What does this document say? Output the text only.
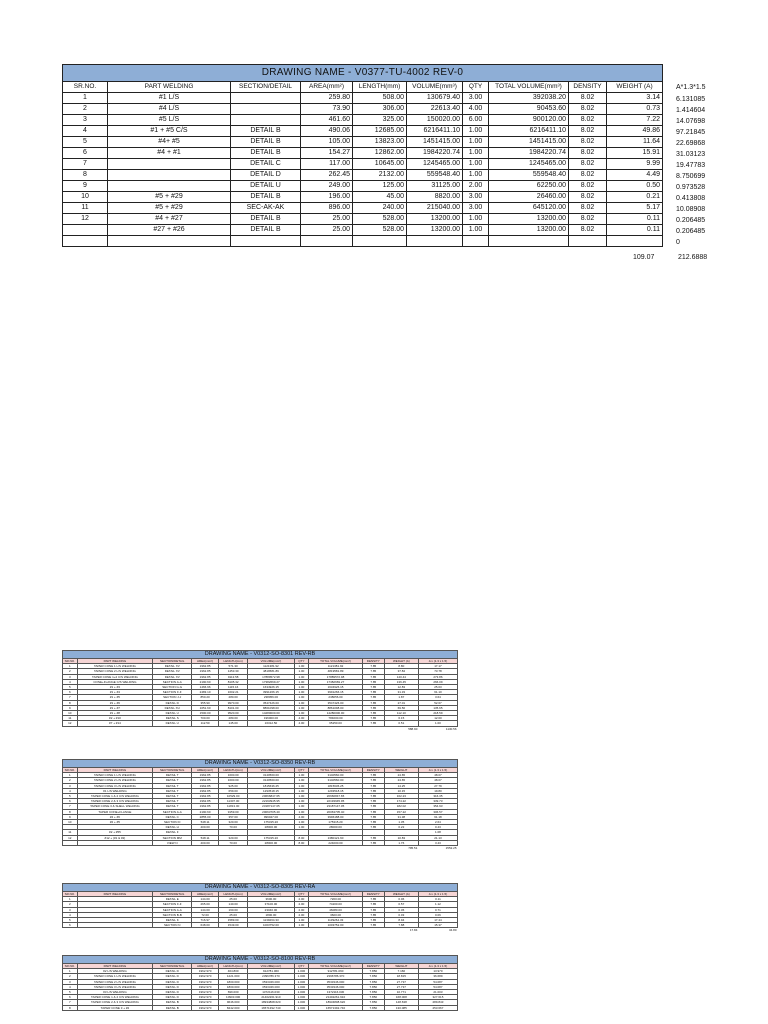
DRAWING NAME - V0377-TU-4002 REV-0									
SR.NO.	PART WELDING	SECTION/DETAIL	AREA(mm²)	LENGTH(mm)	VOLUME(mm³)	QTY	TOTAL VOLUME(mm³)	DENSITY	WEIGHT (A)
1	#1 L/S		259.80	508.00	130679.40	3.00	392038.20	8.02	3.14
2	#4 L/S		73.90	306.00	22613.40	4.00	90453.60	8.02	0.73
3	#5 L/S		461.60	325.00	150020.00	6.00	900120.00	8.02	7.22
4	#1 + #5 C/S	DETAIL B	490.06	12685.00	6216411.10	1.00	6216411.10	8.02	49.86
5	#4+ #5	DETAIL B	105.00	13823.00	1451415.00	1.00	1451415.00	8.02	11.64
6	#4 + #1	DETAIL B	154.27	12862.00	1984220.74	1.00	1984220.74	8.02	15.91
7		DETAIL C	117.00	10645.00	1245465.00	1.00	1245465.00	8.02	9.99
8		DETAIL D	262.45	2132.00	559548.40	1.00	559548.40	8.02	4.49
9		DETAIL U	249.00	125.00	31125.00	2.00	62250.00	8.02	0.50
10	#5 + #29	DETAIL B	196.00	45.00	8820.00	3.00	26460.00	8.02	0.21
11	#5 + #29	SEC-AK-AK	896.00	240.00	215040.00	3.00	645120.00	8.02	5.17
12	#4 + #27	DETAIL B	25.00	528.00	13200.00	1.00	13200.00	8.02	0.11
	#27 + #26	DETAIL B	25.00	528.00	13200.00	1.00	13200.00	8.02	0.11

A*1.3*1.5
6.131085
1.414604
14.07698
97.21845
22.69868
31.03123
19.47783
8.750699
0.973528
0.413808
10.08908
0.206485
0.206485
0
109.07	212.6888
DRAWING NAME - V0312-SO-8301 REV-RB										
SR.NO.	PART WELDING	SECTION/DETAIL	AREA(mm²)	LENGTH(mm)	VOLUME(mm³)	QTY	TOTAL VOLUME(mm³)	DENSITY	WEIGHT (A)	A x (1.3 x 1.5)
1	TAPER CONE 1 L/S WELDING	DETAIL XV	1962.85	571.30	1121381.92	1.00	1121381.92	7.85	8.80	17.17
2	TAPER CONE 2 L/S WELDING	DETAIL XV	1962.85	1453.30	4819581.89	1.00	4819581.89	7.85	37.84	73.78
3	TAPER CONE 1+2 C/S WELDING	DETAIL XV	1962.85	9113.58	17889572.98	1.00	17889572.98	7.85	140.44	273.86
4	CONE+FLANGE C/S WELDING	SECTION A-A	2190.60	8105.32	17382669.27	1.00	17382669.27	7.85	136.45	266.09
5	#1 + #3	SECTION G-G	1466.96	1115.16	1634926.15	1.00	1634926.15	7.85	12.83	25.03
6	#1 + #4	SECTION F-F	2483.10	1602.21	3991266.15	1.00	3991266.15	7.85	31.33	61.10
7	#1 + #5	SECTION J-J	850.20	280.00	238056.00	1.00	238056.00	7.85	1.87	3.64
8	#1 + #6	DETAIL D	355.90	9970.00	3547426.00	1.00	3547426.00	7.85	27.01	52.67
9	#1 + #7	DETAIL XU	1051.60	8101.00	8861098.00	1.00	8861098.00	7.85	69.56	135.65
10	#1 + #8	DETAIL U	1500.00	9520.00	14280000.00	1.00	14280000.00	7.85	112.10	218.59
11	#2 + #10	DETAIL S	700.00	280.00	196000.00	4.00	784000.00	7.85	6.15	12.00
12	#7 + #14	DETAIL U	112.50	145.00	16312.50	4.00	65250.00	7.85	0.51	1.00
									588.90	1130.56
DRAWING NAME - V0312-SO-8350 REV-RB										
SR.NO.	PART WELDING	SECTION/DETAIL	AREA(mm²)	LENGTH(mm)	VOLUME(mm³)	QTY	TOTAL VOLUME(mm³)	DENSITY	WEIGHT	A x (1.3 x 1.5)
1	TAPER CONE 1 L/S WELDING	DETAIL T	1962.85	1600.00	3140560.00	1.00	3140560.00	7.85	24.65	48.07
2	TAPER CONE 2 L/S WELDING	DETAIL T	1962.85	1600.00	3140560.00	1.00	3140560.00	7.85	24.65	48.07
3	TAPER CONE 3 L/S WELDING	DETAIL T	1962.85	925.00	1815636.25	1.00	1815636.25	7.85	14.25	27.79
4	#1 L/S WELDING	DETAIL T	1962.85	659.00	1293518.15	1.00	1293518.15	7.85	10.15	19.80
5	TAPER CONE 1 & 2 C/S WELDING	DETAIL T	1962.85	10529.00	20666847.65	1.00	20666847.65	7.85	162.23	316.35
6	TAPER CONE 2 & 3 C/S WELDING	DETAIL T	1962.85	11307.00	22193945.95	1.00	22193945.95	7.85	174.22	339.73
7	TAPER CONE 3 & SHELL WELDING	DETAIL T	1962.85	11813.00	23187147.05	1.00	23187147.05	7.85	182.02	354.93
8	TAPER CONE+FLANGE	SECTION A-A	2190.60	9159.00	20063705.40	1.00	20063705.40	7.85	157.22	306.57
9	#4 + #6	DETAIL C	2855.00	357.00	999047.00	4.00	3996188.00	7.85	31.38	61.18
10	#2 + #5	SECTION D	548.11	320.00	175315.20	1.00	175315.20	7.85	1.35	2.64
		DETAIL H	400.00	70.00	28000.00	1.00	28000.00	7.85	0.22	0.43
11	#2 + #55	DETAIL F								1.08
12	#12 + (#1 & #2)	SECTION MM	548.11	320.00	175315.20	8.00	1380121.60	7.85	10.83	21.13
		VIEW N	400.00	70.00	28000.00	8.00	224000.00	7.85	1.76	3.43
									795.51	1552.25
DRAWING NAME - V0312-SO-8305 REV-RA										
SR.NO.	PART WELDING	SECTION/DETAIL	AREA(mm²)	LENGTH(mm)	VOLUME(mm³)	QTY	TOTAL VOLUME(mm³)	DENSITY	WEIGHT (A)	A x (1.3 x 1.5)
1		DETAIL E	144.00	25.00	3600.00	2.00	7200.00	7.85	0.06	0.11
2		SECTION F-F	265.00	140.00	37100.00	2.00	74200.00	7.85	0.57	1.12
3		SECTION A-A	144.00	160.00	23040.00	2.00	46080.00	7.85	0.36	0.71
4		SECTION B-B	72.00	25.00	1800.00	2.00	3600.00	7.85	0.03	0.06
5		DETAIL K	716.97	1589.00	1139264.33	1.00	1139264.33	7.85	8.94	17.44
6		SECTION N	648.00	1549.00	1003752.00	1.00	1003752.00	7.85	7.88	15.37
									17.84	34.80
DRAWING NAME - V0312-SO-8100 REV-RB										
SR.NO.	PART WELDING	SECTION/DETAIL	AREA(mm²)	LENGTH(mm)	VOLUME(mm³)	QTY	TOTAL VOLUME(mm³)	DENSITY	WEIGHT	A x (1.3 x 1.5)
1	#2 L/S WELDING	DETAIL D	1962.970	464.800	912781.060	1.000	912781.060	7.850	7.166	13.970
2	TAPER CONE 1 L/S WELDING	DETAIL D	1962.970	1221.000	2396786.370	1.000	2396786.370	7.850	18.815	36.689
3	TAPER CONE 2 L/S WELDING	DETAIL D	1962.970	1800.000	3533346.000	1.000	3533346.000	7.850	27.737	54.087
4	TAPER CONE 3 L/S WELDING	DETAIL D	1962.970	1800.000	3533346.000	1.000	3533346.000	7.850	27.737	54.087
5	#3 L/S WELDING	DETAIL D	1962.970	699.000	1372116.030	1.000	1372116.030	7.850	10.771	21.003
6	TAPER CONE 1 & 2 C/S WELDING	DETAIL D	1962.970	10903.000	21402261.910	1.000	21402261.910	7.850	168.008	327.615
7	TAPER CONE 2 & 3 C/S WELDING	DETAIL B	1962.970	9646.000	18934808.620	1.000	18934808.620	7.850	148.638	289.843
8	TAPER CONE 3 + #2	DETAIL B	1962.970	8442.000	16571392.740	1.000	16571392.740	7.850	130.085	253.667
